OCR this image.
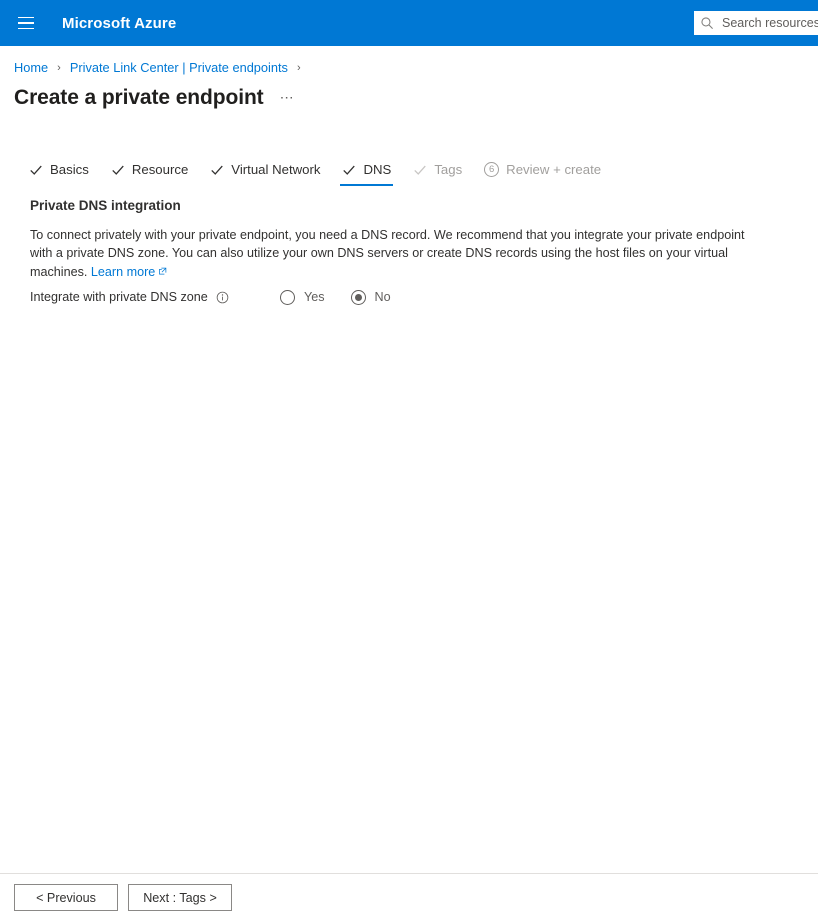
Microsoft Azure
Search resources
Home › Private Link Center | Private endpoints ›
Create a private endpoint ⋯
Basics	Resource	Virtual Network	DNS	Tags	6 Review + create
Private DNS integration
To connect privately with your private endpoint, you need a DNS record. We recommend that you integrate your private endpoint with a private DNS zone. You can also utilize your own DNS servers or create DNS records using the host files on your virtual machines. Learn more
Integrate with private DNS zone	Yes	No
< Previous	Next : Tags >
